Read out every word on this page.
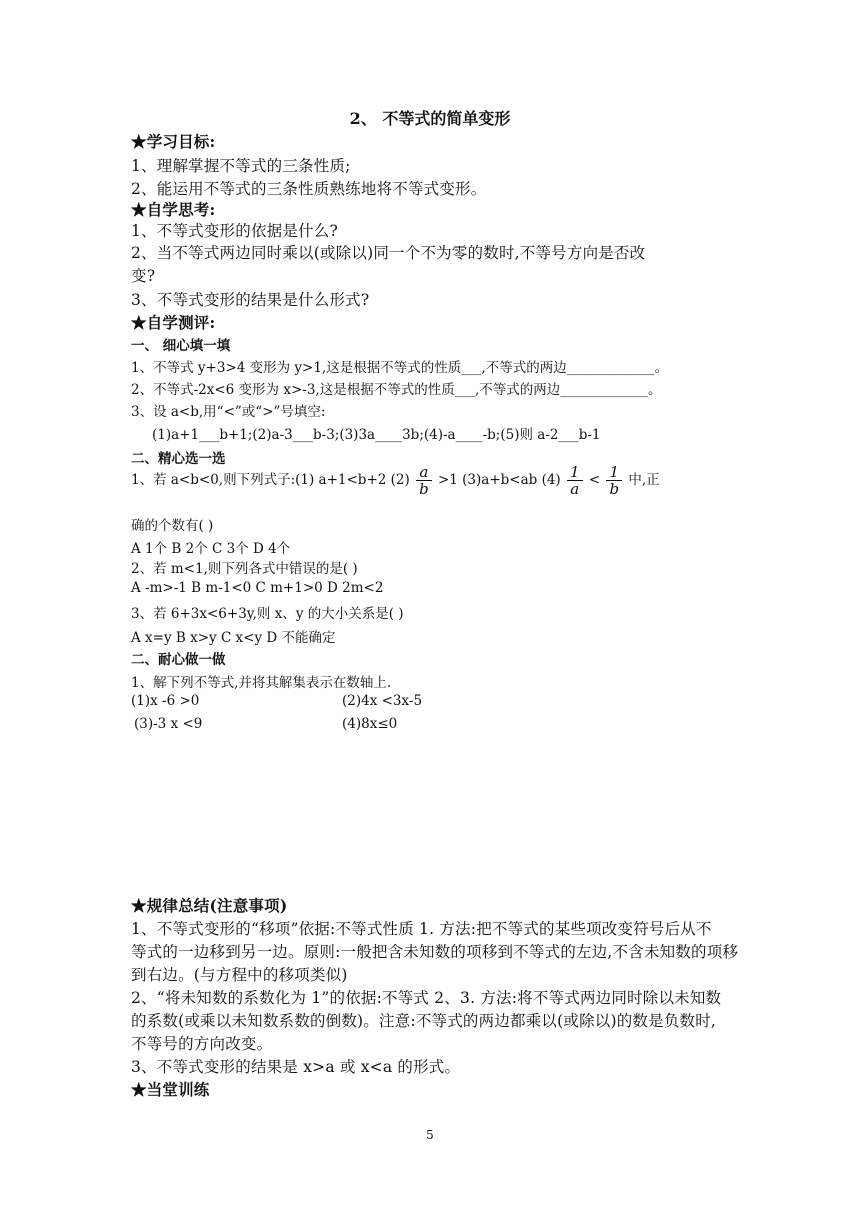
2、 不等式的简单变形
★学习目标:
1、理解掌握不等式的三条性质;
2、能运用不等式的三条性质熟练地将不等式变形。
★自学思考:
1、不等式变形的依据是什么?
2、当不等式两边同时乘以(或除以)同一个不为零的数时,不等号方向是否改
变?
3、不等式变形的结果是什么形式?
★自学测评:
一、 细心填一填
1、不等式 y+3>4 变形为 y>1,这是根据不等式的性质___,不等式的两边_____________。
2、不等式-2x<6 变形为 x>-3,这是根据不等式的性质___,不等式的两边_____________。
3、设 a<b,用“<”或“>”号填空:
(1)a+1___b+1;(2)a-3___b-3;(3)3a____3b;(4)-a____-b;(5)则 a-2___b-1
二、精心选一选
1、若 a<b<0,则下列式子:(1) a+1<b+2 $(2) \frac{a}{b} >1$ (3)a+b<ab $(4) \frac{1}{a} < \frac{1}{b}$ 中,正
确的个数有( )
A 1个 B 2个 C 3个 D 4个
2、若 m<1,则下列各式中错误的是( )
A -m>-1 B m-1<0 C m+1>0 D 2m<2
3、若 6+3x<6+3y,则 x、y 的大小关系是( )
A x=y B x>y C x<y D 不能确定
二、耐心做一做
1、解下列不等式,并将其解集表示在数轴上.
(1)x -6 >0	(2)4x <3x-5
(3)-3 x <9	(4)8x≤0
★规律总结(注意事项)
1、不等式变形的“移项”依据:不等式性质 1. 方法:把不等式的某些项改变符号后从不
等式的一边移到另一边。原则:一般把含未知数的项移到不等式的左边,不含未知数的项移
到右边。(与方程中的移项类似)
2、“将未知数的系数化为 1”的依据:不等式 2、3. 方法:将不等式两边同时除以未知数
的系数(或乘以未知数系数的倒数)。注意:不等式的两边都乘以(或除以)的数是负数时,
不等号的方向改变。
3、不等式变形的结果是 x>a 或 x<a 的形式。
★当堂训练
5
